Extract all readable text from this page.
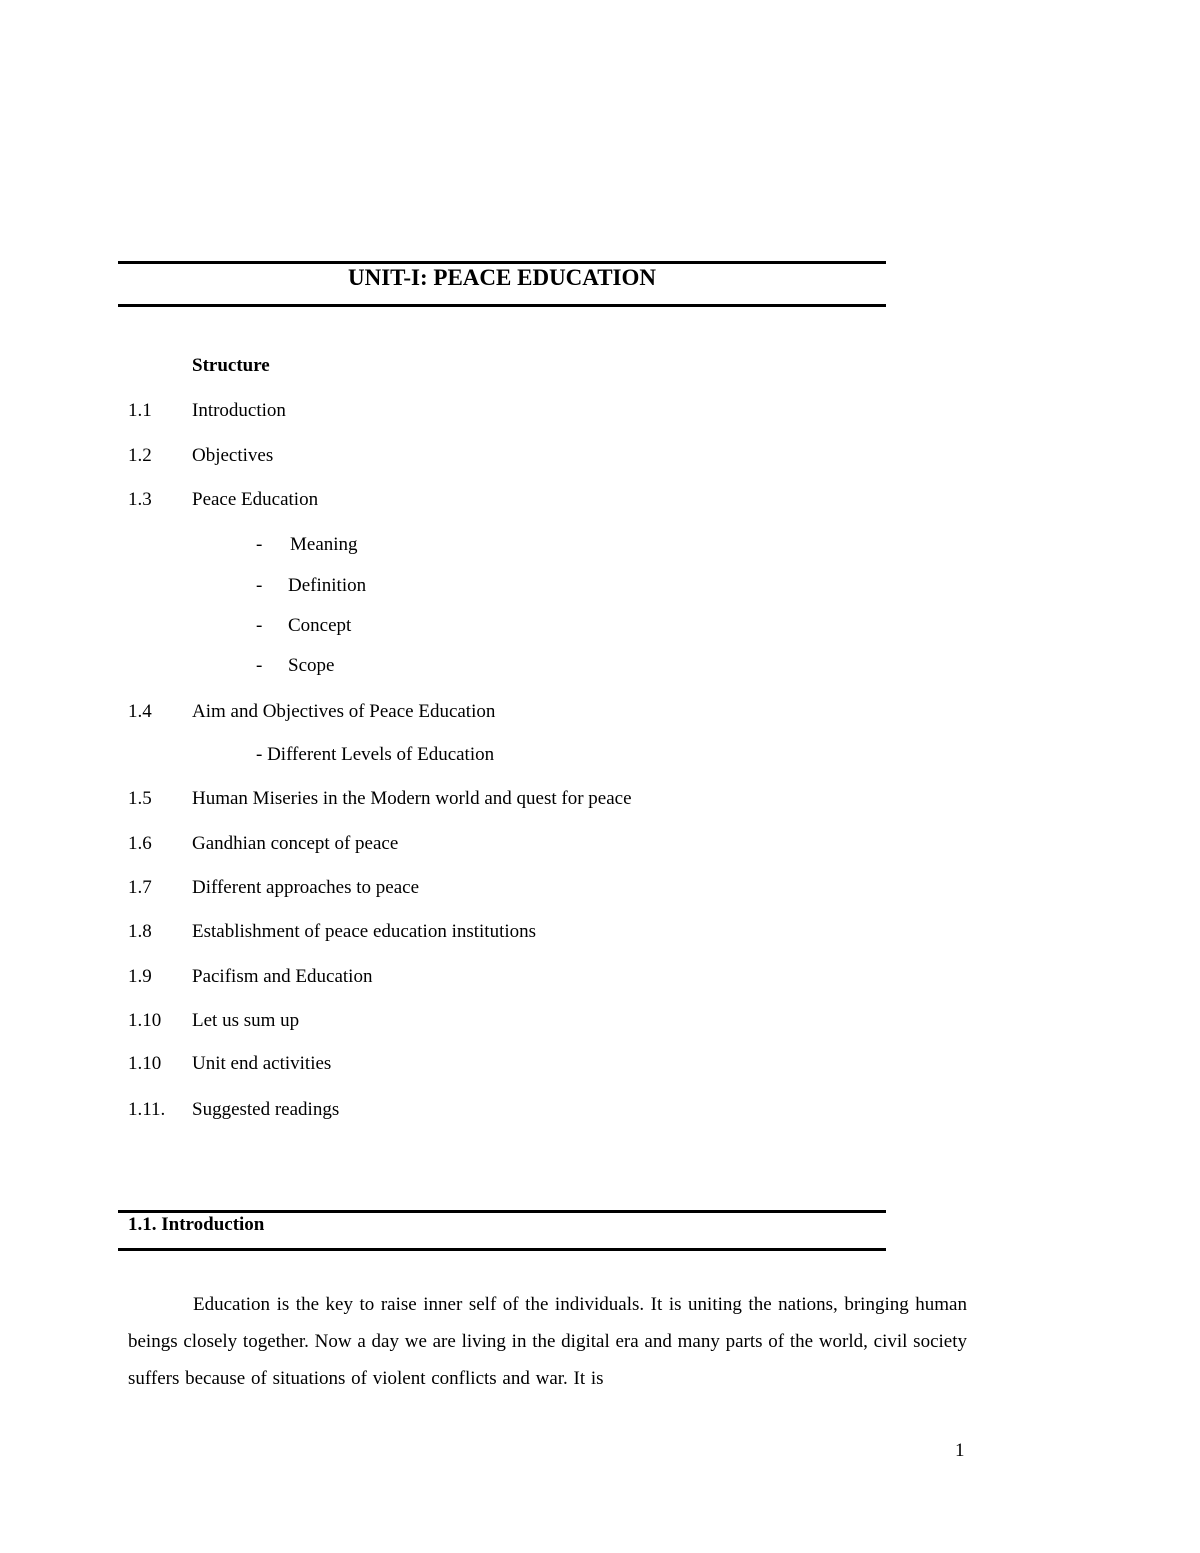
UNIT-I: PEACE EDUCATION
Structure
1.1 Introduction
1.2 Objectives
1.3 Peace Education
- Meaning
- Definition
- Concept
- Scope
1.4 Aim and Objectives of Peace Education
- Different Levels of Education
1.5 Human Miseries in the Modern world and quest for peace
1.6 Gandhian concept of peace
1.7 Different approaches to peace
1.8 Establishment of peace education institutions
1.9 Pacifism and Education
1.10 Let us sum up
1.10 Unit end activities
1.11. Suggested readings
1.1. Introduction
Education is the key to raise inner self of the individuals. It is uniting the nations, bringing human beings closely together. Now a day we are living in the digital era and many parts of the world, civil society suffers because of situations of violent conflicts and war. It is
1
